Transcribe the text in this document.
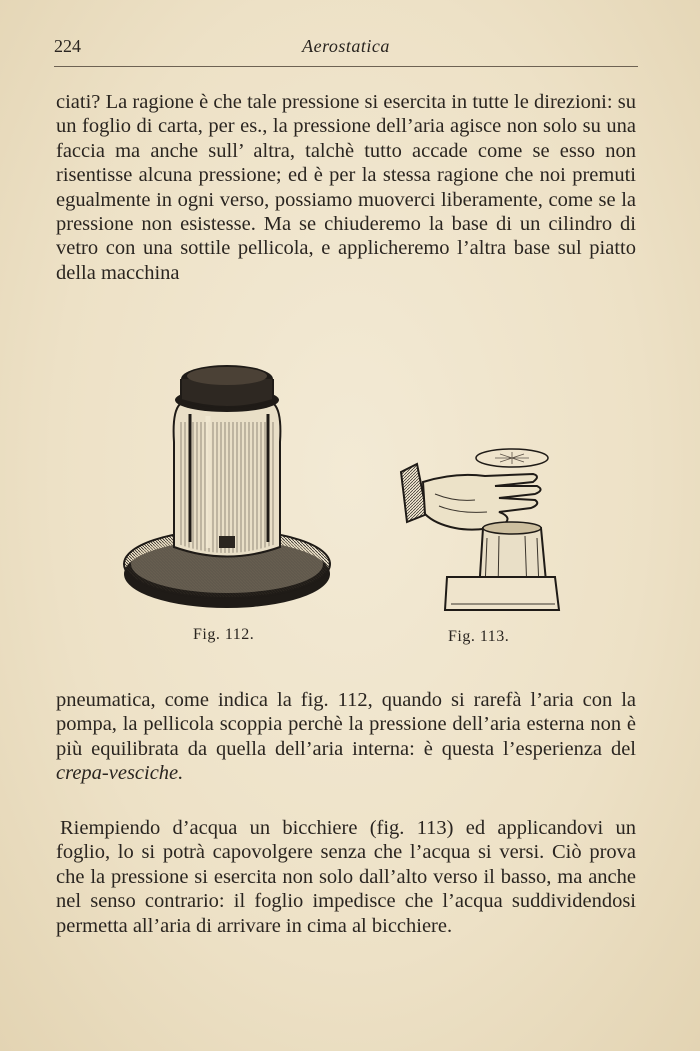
224	Aerostatica

ciati? La ragione è che tale pressione si esercita in tutte le direzioni: su un foglio di carta, per es., la pressione dell’aria agisce non solo su una faccia ma anche sull’ altra, talchè tutto accade come se esso non risentisse alcuna pressione; ed è per la stessa ragione che noi premuti egualmente in ogni verso, possiamo muoverci liberamente, come se la pressione non esistesse. Ma se chiuderemo la base di un cilindro di vetro con una sottile pellicola, e applicheremo l’altra base sul piatto della macchina

Fig. 112.	Fig. 113.

pneumatica, come indica la fig. 112, quando si rarefà l’aria con la pompa, la pellicola scoppia perchè la pressione dell’aria esterna non è più equilibrata da quella dell’aria interna: è questa l’esperienza del crepa-vesciche.

Riempiendo d’acqua un bicchiere (fig. 113) ed applicandovi un foglio, lo si potrà capovolgere senza che l’acqua si versi. Ciò prova che la pressione si esercita non solo dall’alto verso il basso, ma anche nel senso contrario: il foglio impedisce che l’acqua suddividendosi permetta all’aria di arrivare in cima al bicchiere.
